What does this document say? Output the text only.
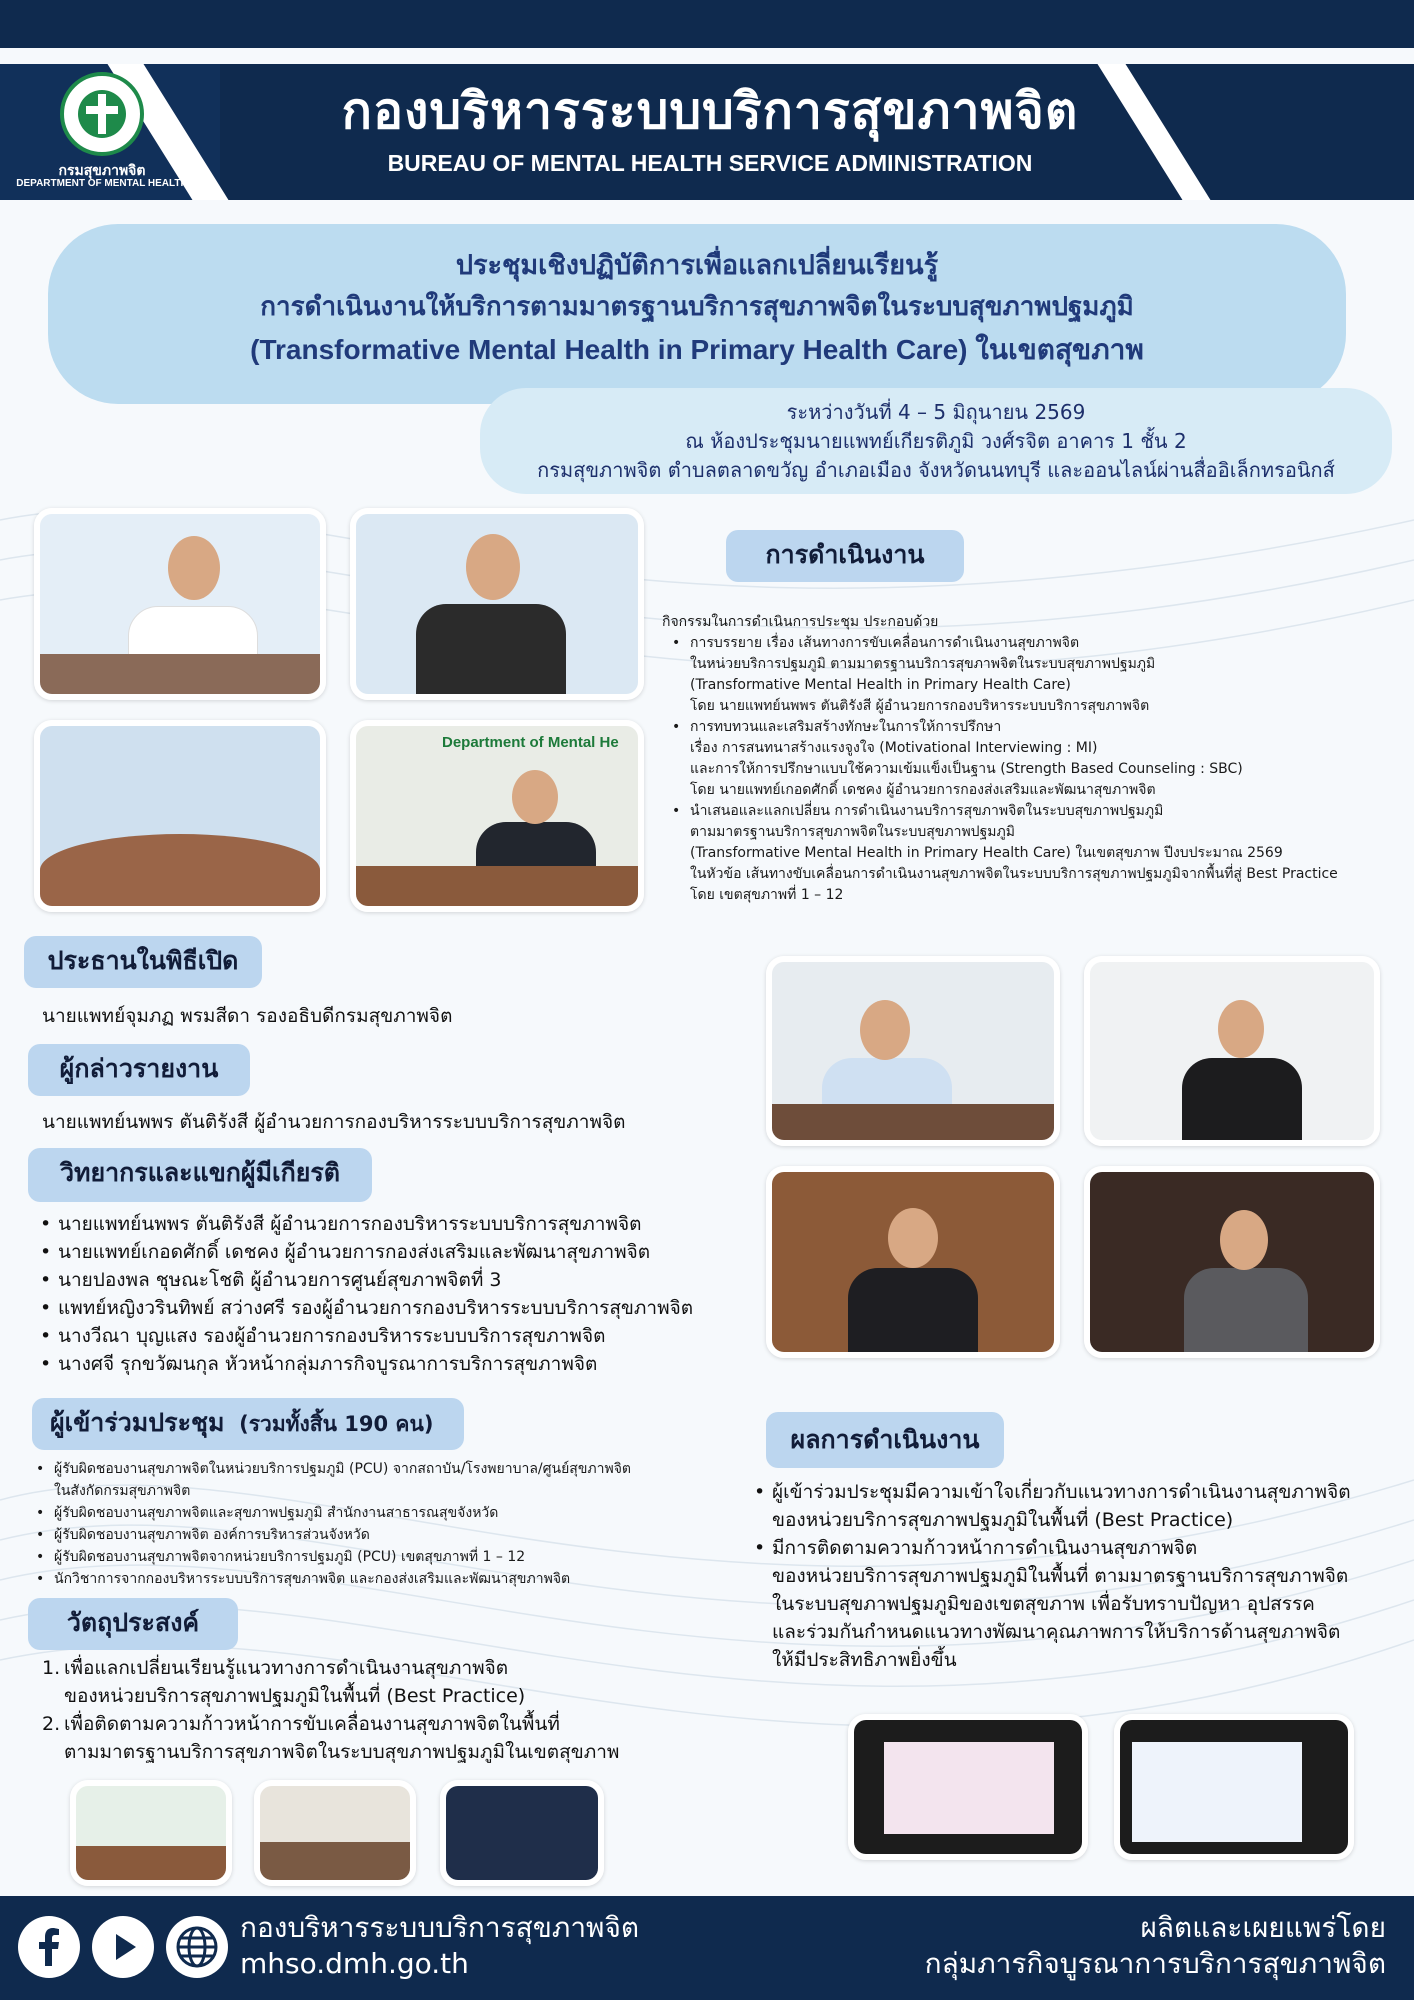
กรมสุขภาพจิต
DEPARTMENT OF MENTAL HEALTH
กองบริหารระบบบริการสุขภาพจิต
BUREAU OF MENTAL HEALTH SERVICE ADMINISTRATION
ประชุมเชิงปฏิบัติการเพื่อแลกเปลี่ยนเรียนรู้
การดำเนินงานให้บริการตามมาตรฐานบริการสุขภาพจิตในระบบสุขภาพปฐมภูมิ
(Transformative Mental Health in Primary Health Care) ในเขตสุขภาพ
ระหว่างวันที่ 4 – 5 มิถุนายน 2569
ณ ห้องประชุมนายแพทย์เกียรติภูมิ วงศ์รจิต อาคาร 1 ชั้น 2
กรมสุขภาพจิต ตำบลตลาดขวัญ อำเภอเมือง จังหวัดนนทบุรี และออนไลน์ผ่านสื่ออิเล็กทรอนิกส์
Department of Mental He
การดำเนินงาน
กิจกรรมในการดำเนินการประชุม ประกอบด้วย
• การบรรยาย เรื่อง เส้นทางการขับเคลื่อนการดำเนินงานสุขภาพจิต
ในหน่วยบริการปฐมภูมิ ตามมาตรฐานบริการสุขภาพจิตในระบบสุขภาพปฐมภูมิ
(Transformative Mental Health in Primary Health Care)
โดย นายแพทย์นพพร ตันติรังสี ผู้อำนวยการกองบริหารระบบบริการสุขภาพจิต
• การทบทวนและเสริมสร้างทักษะในการให้การปรึกษา
เรื่อง การสนทนาสร้างแรงจูงใจ (Motivational Interviewing : MI)
และการให้การปรึกษาแบบใช้ความเข้มแข็งเป็นฐาน (Strength Based Counseling : SBC)
โดย นายแพทย์เกอดศักดิ์ เดชคง ผู้อำนวยการกองส่งเสริมและพัฒนาสุขภาพจิต
• นำเสนอและแลกเปลี่ยน การดำเนินงานบริการสุขภาพจิตในระบบสุขภาพปฐมภูมิ
ตามมาตรฐานบริการสุขภาพจิตในระบบสุขภาพปฐมภูมิ
(Transformative Mental Health in Primary Health Care) ในเขตสุขภาพ ปีงบประมาณ 2569
ในหัวข้อ เส้นทางขับเคลื่อนการดำเนินงานสุขภาพจิตในระบบบริการสุขภาพปฐมภูมิจากพื้นที่สู่ Best Practice
โดย เขตสุขภาพที่ 1 – 12
ประธานในพิธีเปิด
นายแพทย์จุมภฏ พรมสีดา รองอธิบดีกรมสุขภาพจิต
ผู้กล่าวรายงาน
นายแพทย์นพพร ตันติรังสี ผู้อำนวยการกองบริหารระบบบริการสุขภาพจิต
วิทยากรและแขกผู้มีเกียรติ
• นายแพทย์นพพร ตันติรังสี ผู้อำนวยการกองบริหารระบบบริการสุขภาพจิต
• นายแพทย์เกอดศักดิ์ เดชคง ผู้อำนวยการกองส่งเสริมและพัฒนาสุขภาพจิต
• นายปองพล ชุษณะโชติ ผู้อำนวยการศูนย์สุขภาพจิตที่ 3
• แพทย์หญิงวรินทิพย์ สว่างศรี รองผู้อำนวยการกองบริหารระบบบริการสุขภาพจิต
• นางวีณา บุญแสง รองผู้อำนวยการกองบริหารระบบบริการสุขภาพจิต
• นางศจี รุกขวัฒนกุล หัวหน้ากลุ่มภารกิจบูรณาการบริการสุขภาพจิต
ผู้เข้าร่วมประชุม (รวมทั้งสิ้น 190 คน)
• ผู้รับผิดชอบงานสุขภาพจิตในหน่วยบริการปฐมภูมิ (PCU) จากสถาบัน/โรงพยาบาล/ศูนย์สุขภาพจิต
ในสังกัดกรมสุขภาพจิต
• ผู้รับผิดชอบงานสุขภาพจิตและสุขภาพปฐมภูมิ สำนักงานสาธารณสุขจังหวัด
• ผู้รับผิดชอบงานสุขภาพจิต องค์การบริหารส่วนจังหวัด
• ผู้รับผิดชอบงานสุขภาพจิตจากหน่วยบริการปฐมภูมิ (PCU) เขตสุขภาพที่ 1 – 12
• นักวิชาการจากกองบริหารระบบบริการสุขภาพจิต และกองส่งเสริมและพัฒนาสุขภาพจิต
วัตถุประสงค์
1. เพื่อแลกเปลี่ยนเรียนรู้แนวทางการดำเนินงานสุขภาพจิต
ของหน่วยบริการสุขภาพปฐมภูมิในพื้นที่ (Best Practice)
2. เพื่อติดตามความก้าวหน้าการขับเคลื่อนงานสุขภาพจิตในพื้นที่
ตามมาตรฐานบริการสุขภาพจิตในระบบสุขภาพปฐมภูมิในเขตสุขภาพ
ผลการดำเนินงาน
• ผู้เข้าร่วมประชุมมีความเข้าใจเกี่ยวกับแนวทางการดำเนินงานสุขภาพจิต
ของหน่วยบริการสุขภาพปฐมภูมิในพื้นที่ (Best Practice)
• มีการติดตามความก้าวหน้าการดำเนินงานสุขภาพจิต
ของหน่วยบริการสุขภาพปฐมภูมิในพื้นที่ ตามมาตรฐานบริการสุขภาพจิต
ในระบบสุขภาพปฐมภูมิของเขตสุขภาพ เพื่อรับทราบปัญหา อุปสรรค
และร่วมกันกำหนดแนวทางพัฒนาคุณภาพการให้บริการด้านสุขภาพจิต
ให้มีประสิทธิภาพยิ่งขึ้น
กองบริหารระบบบริการสุขภาพจิต
mhso.dmh.go.th
ผลิตและเผยแพร่โดย
กลุ่มภารกิจบูรณาการบริการสุขภาพจิต
